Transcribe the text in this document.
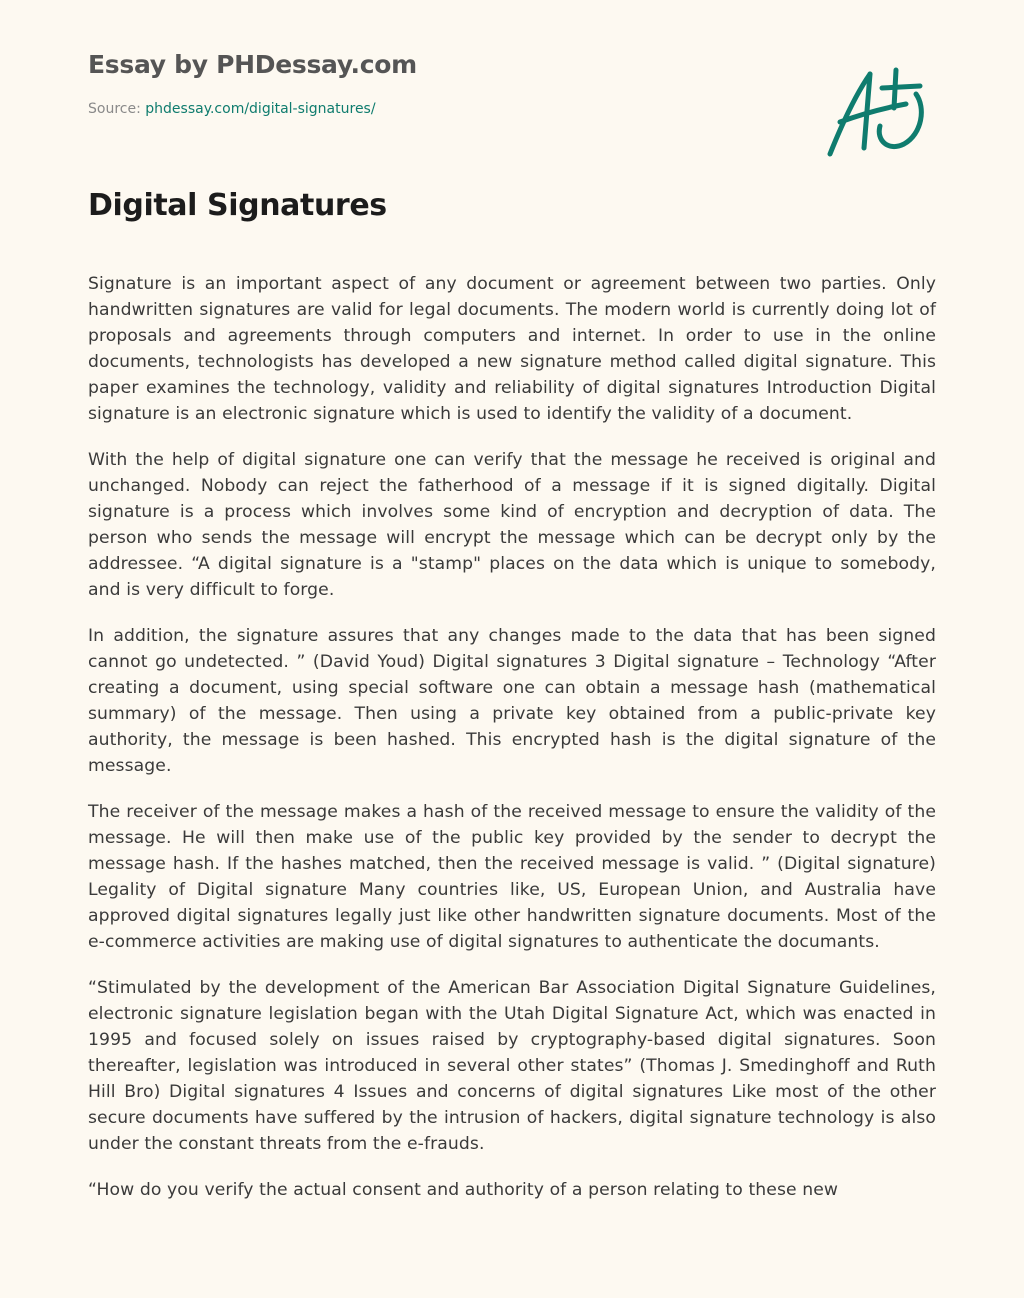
Essay by PHDessay.com
Source: phdessay.com/digital-signatures/
Digital Signatures

Signature is an important aspect of any document or agreement between two parties. Only handwritten signatures are valid for legal documents. The modern world is currently doing lot of proposals and agreements through computers and internet. In order to use in the online documents, technologists has developed a new signature method called digital signature. This paper examines the technology, validity and reliability of digital signatures Introduction Digital signature is an electronic signature which is used to identify the validity of a document.

With the help of digital signature one can verify that the message he received is original and unchanged. Nobody can reject the fatherhood of a message if it is signed digitally. Digital signature is a process which involves some kind of encryption and decryption of data. The person who sends the message will encrypt the message which can be decrypt only by the addressee. “A digital signature is a "stamp" places on the data which is unique to somebody, and is very difficult to forge.

In addition, the signature assures that any changes made to the data that has been signed cannot go undetected. ” (David Youd) Digital signatures 3 Digital signature – Technology “After creating a document, using special software one can obtain a message hash (mathematical summary) of the message. Then using a private key obtained from a public-private key authority, the message is been hashed. This encrypted hash is the digital signature of the message.

The receiver of the message makes a hash of the received message to ensure the validity of the message. He will then make use of the public key provided by the sender to decrypt the message hash. If the hashes matched, then the received message is valid. ” (Digital signature) Legality of Digital signature Many countries like, US, European Union, and Australia have approved digital signatures legally just like other handwritten signature documents. Most of the e-commerce activities are making use of digital signatures to authenticate the documants.

“Stimulated by the development of the American Bar Association Digital Signature Guidelines, electronic signature legislation began with the Utah Digital Signature Act, which was enacted in 1995 and focused solely on issues raised by cryptography-based digital signatures. Soon thereafter, legislation was introduced in several other states” (Thomas J. Smedinghoff and Ruth Hill Bro) Digital signatures 4 Issues and concerns of digital signatures Like most of the other secure documents have suffered by the intrusion of hackers, digital signature technology is also under the constant threats from the e-frauds.

“How do you verify the actual consent and authority of a person relating to these new
